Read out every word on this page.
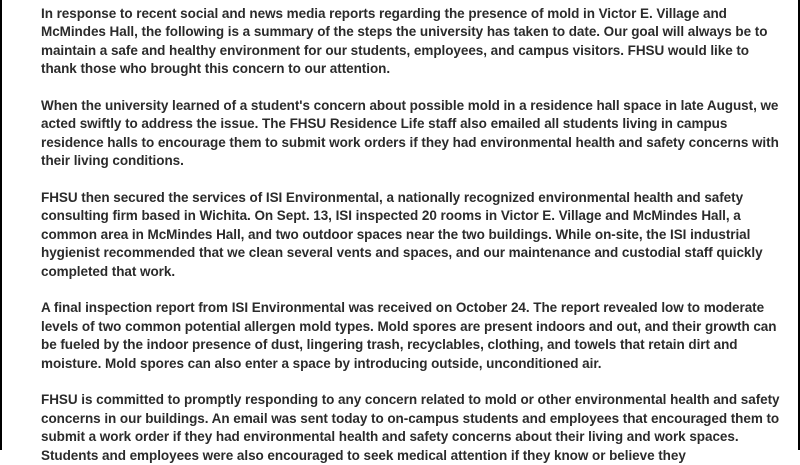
In response to recent social and news media reports regarding the presence of mold in Victor E. Village and McMindes Hall, the following is a summary of the steps the university has taken to date. Our goal will always be to maintain a safe and healthy environment for our students, employees, and campus visitors. FHSU would like to thank those who brought this concern to our attention.

When the university learned of a student's concern about possible mold in a residence hall space in late August, we acted swiftly to address the issue. The FHSU Residence Life staff also emailed all students living in campus residence halls to encourage them to submit work orders if they had environmental health and safety concerns with their living conditions.

FHSU then secured the services of ISI Environmental, a nationally recognized environmental health and safety consulting firm based in Wichita. On Sept. 13, ISI inspected 20 rooms in Victor E. Village and McMindes Hall, a common area in McMindes Hall, and two outdoor spaces near the two buildings. While on-site, the ISI industrial hygienist recommended that we clean several vents and spaces, and our maintenance and custodial staff quickly completed that work.

A final inspection report from ISI Environmental was received on October 24. The report revealed low to moderate levels of two common potential allergen mold types. Mold spores are present indoors and out, and their growth can be fueled by the indoor presence of dust, lingering trash, recyclables, clothing, and towels that retain dirt and moisture. Mold spores can also enter a space by introducing outside, unconditioned air.

FHSU is committed to promptly responding to any concern related to mold or other environmental health and safety concerns in our buildings. An email was sent today to on-campus students and employees that encouraged them to submit a work order if they had environmental health and safety concerns about their living and work spaces. Students and employees were also encouraged to seek medical attention if they know or believe they
